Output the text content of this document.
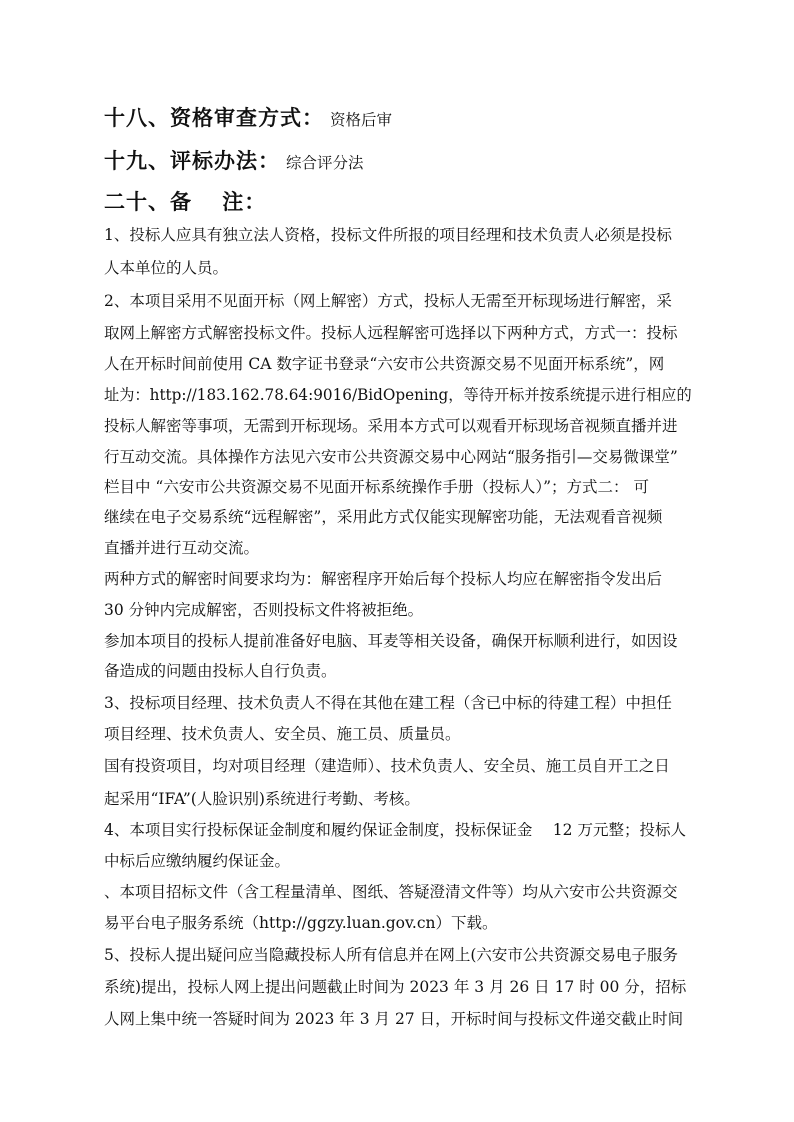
十八、资格审查方式： 资格后审
十九、评标办法： 综合评分法
二十、备　 注：
1、投标人应具有独立法人资格，投标文件所报的项目经理和技术负责人必须是投标
人本单位的人员。
2、本项目采用不见面开标（网上解密）方式，投标人无需至开标现场进行解密，采
取网上解密方式解密投标文件。投标人远程解密可选择以下两种方式，方式一：投标
人在开标时间前使用 CA 数字证书登录“六安市公共资源交易不见面开标系统”，网
址为：http://183.162.78.64:9016/BidOpening，等待开标并按系统提示进行相应的
投标人解密等事项，无需到开标现场。采用本方式可以观看开标现场音视频直播并进
行互动交流。具体操作方法见六安市公共资源交易中心网站“服务指引—交易微课堂”
栏目中 “六安市公共资源交易不见面开标系统操作手册（投标人）”；方式二： 可
继续在电子交易系统“远程解密”，采用此方式仅能实现解密功能，无法观看音视频
直播并进行互动交流。
两种方式的解密时间要求均为：解密程序开始后每个投标人均应在解密指令发出后
30 分钟内完成解密，否则投标文件将被拒绝。
参加本项目的投标人提前准备好电脑、耳麦等相关设备，确保开标顺利进行，如因设
备造成的问题由投标人自行负责。
3、投标项目经理、技术负责人不得在其他在建工程（含已中标的待建工程）中担任
项目经理、技术负责人、安全员、施工员、质量员。
国有投资项目，均对项目经理（建造师）、技术负责人、安全员、施工员自开工之日
起采用“IFA”(人脸识别)系统进行考勤、考核。
4、本项目实行投标保证金制度和履约保证金制度，投标保证金　 12 万元整；投标人
中标后应缴纳履约保证金。
、本项目招标文件（含工程量清单、图纸、答疑澄清文件等）均从六安市公共资源交
易平台电子服务系统（http://ggzy.luan.gov.cn）下载。
5、投标人提出疑问应当隐藏投标人所有信息并在网上(六安市公共资源交易电子服务
系统)提出，投标人网上提出问题截止时间为 2023 年 3 月 26 日 17 时 00 分，招标
人网上集中统一答疑时间为 2023 年 3 月 27 日，开标时间与投标文件递交截止时间
